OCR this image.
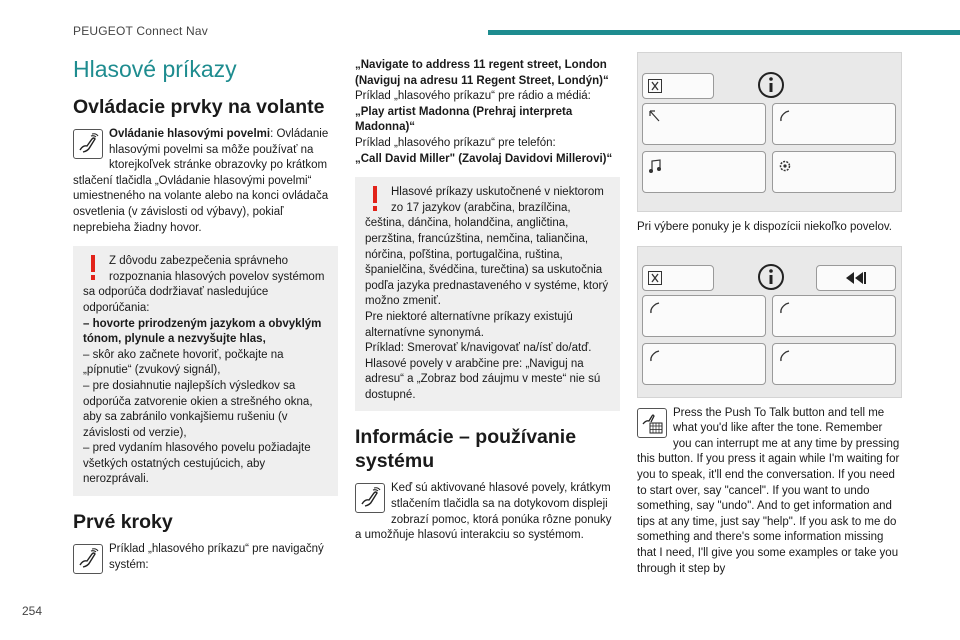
PEUGEOT Connect Nav
Hlasové príkazy
Ovládacie prvky na volante

Ovládanie hlasovými povelmi: Ovládanie hlasovými povelmi sa môže používať na ktorejkoľvek stránke obrazovky po krátkom stlačení tlačidla „Ovládanie hlasovými povelmi“ umiestneného na volante alebo na konci ovládača osvetlenia (v závislosti od výbavy), pokiaľ neprebieha žiadny hovor.

Z dôvodu zabezpečenia správneho rozpoznania hlasových povelov systémom sa odporúča dodržiavať nasledujúce odporúčania:
– hovorte prirodzeným jazykom a obvyklým tónom, plynule a nezvyšujte hlas,
– skôr ako začnete hovoriť, počkajte na „pípnutie“ (zvukový signál),
– pre dosiahnutie najlepších výsledkov sa odporúča zatvorenie okien a strešného okna, aby sa zabránilo vonkajšiemu rušeniu (v závislosti od verzie),
– pred vydaním hlasového povelu požiadajte všetkých ostatných cestujúcich, aby nerozprávali.
Prvé kroky

Príklad „hlasového príkazu“ pre navigačný systém:

„Navigate to address 11 regent street, London (Naviguj na adresu 11 Regent Street, Londýn)“

Príklad „hlasového príkazu“ pre rádio a médiá:

„Play artist Madonna (Prehraj interpreta Madonna)“

Príklad „hlasového príkazu“ pre telefón:

„Call David Miller" (Zavolaj Davidovi Millerovi)“

Hlasové príkazy uskutočnené v niektorom zo 17 jazykov (arabčina, brazílčina, čeština, dánčina, holandčina, angličtina, perzština, francúzština, nemčina, taliančina, nórčina, poľština, portugalčina, ruština, španielčina, švédčina, turečtina) sa uskutočnia podľa jazyka prednastaveného v systéme, ktorý možno zmeniť.
Pre niektoré alternatívne príkazy existujú alternatívne synonymá.
Príklad: Smerovať k/navigovať na/ísť do/atď.
Hlasové povely v arabčine pre: „Naviguj na adresu“ a „Zobraz bod záujmu v meste“ nie sú dostupné.
Informácie – používanie systému

Keď sú aktivované hlasové povely, krátkym stlačením tlačidla sa na dotykovom displeji zobrazí pomoc, ktorá ponúka rôzne ponuky a umožňuje hlasovú interakciu so systémom.

Pri výbere ponuky je k dispozícii niekoľko povelov.

Press the Push To Talk button and tell me what you'd like after the tone. Remember you can interrupt me at any time by pressing this button. If you press it again while I'm waiting for you to speak, it'll end the conversation. If you need to start over, say "cancel". If you want to undo something, say "undo". And to get information and tips at any time, just say "help". If you ask to me do something and there's some information missing that I need, I'll give you some examples or take you through it step by

254
